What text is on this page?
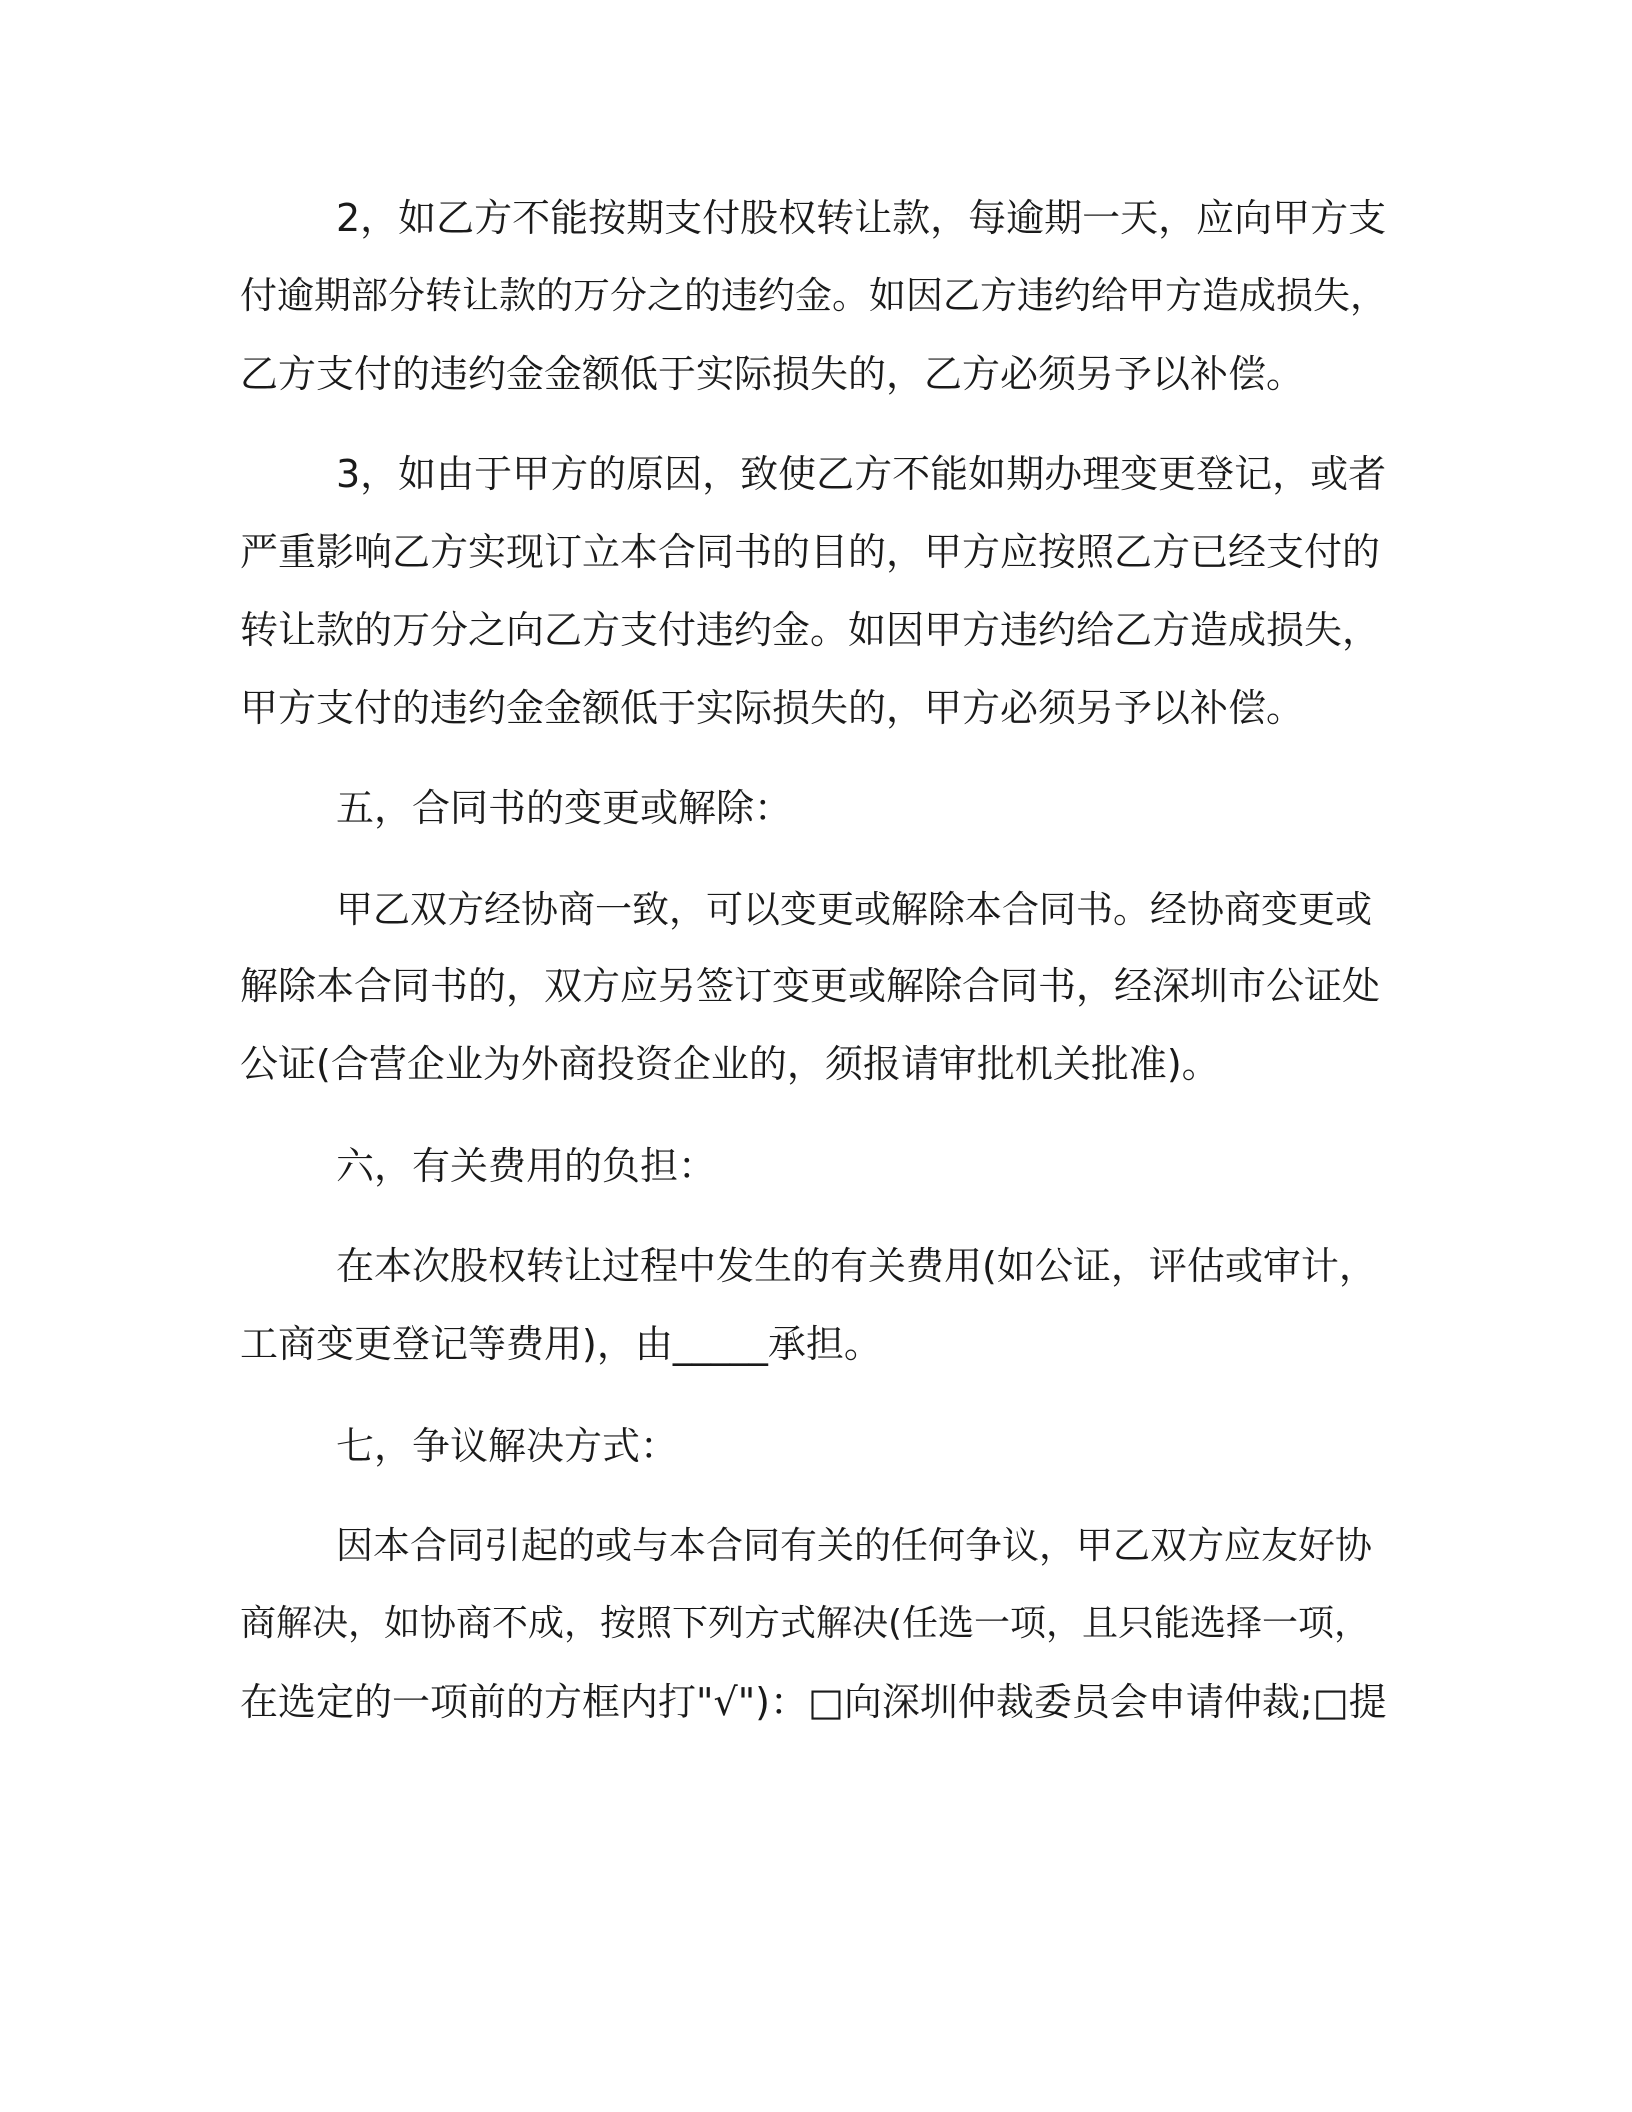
2，如乙方不能按期支付股权转让款，每逾期一天，应向甲方支

付逾期部分转让款的万分之的违约金。如因乙方违约给甲方造成损失，

乙方支付的违约金金额低于实际损失的，乙方必须另予以补偿。

3，如由于甲方的原因，致使乙方不能如期办理变更登记，或者

严重影响乙方实现订立本合同书的目的，甲方应按照乙方已经支付的

转让款的万分之向乙方支付违约金。如因甲方违约给乙方造成损失，

甲方支付的违约金金额低于实际损失的，甲方必须另予以补偿。

五，合同书的变更或解除：

甲乙双方经协商一致，可以变更或解除本合同书。经协商变更或

解除本合同书的，双方应另签订变更或解除合同书，经深圳市公证处

公证(合营企业为外商投资企业的，须报请审批机关批准)。

六，有关费用的负担：

在本次股权转让过程中发生的有关费用(如公证，评估或审计，

工商变更登记等费用)，由_____承担。

七，争议解决方式：

因本合同引起的或与本合同有关的任何争议，甲乙双方应友好协

商解决，如协商不成，按照下列方式解决(任选一项，且只能选择一项，

在选定的一项前的方框内打"√")：□向深圳仲裁委员会申请仲裁;□提
